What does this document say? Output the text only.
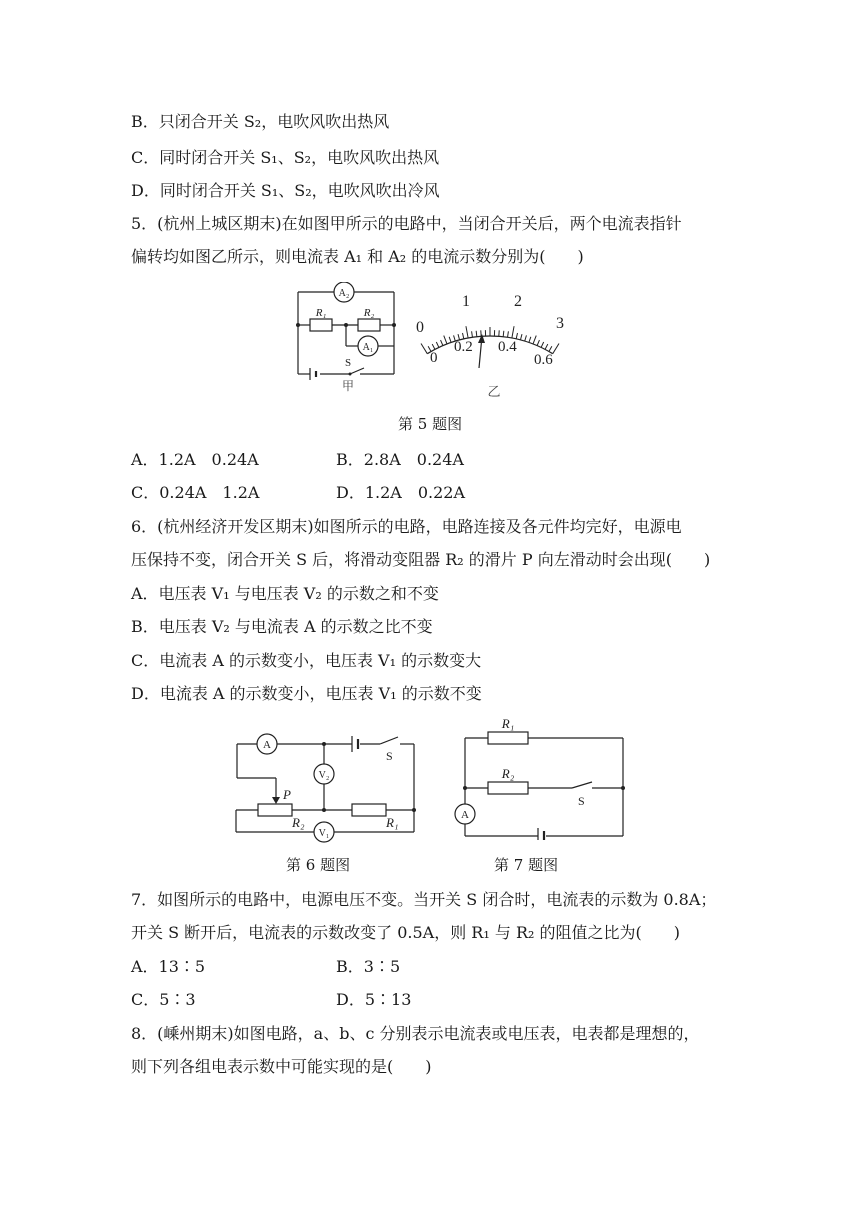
B．只闭合开关 S₂，电吹风吹出热风
C．同时闭合开关 S₁、S₂，电吹风吹出热风
D．同时闭合开关 S₁、S₂，电吹风吹出冷风
5．(杭州上城区期末)在如图甲所示的电路中，当闭合开关后，两个电流表指针
偏转均如图乙所示，则电流表 A₁ 和 A₂ 的电流示数分别为(　　)
A₂
A₁
R₁	R₂
S
甲
0
1	2
3
0
0.2 0.4
0.6
乙
第 5 题图
A．1.2A　0.24A	B．2.8A　0.24A
C．0.24A　1.2A	D．1.2A　0.22A
6．(杭州经济开发区期末)如图所示的电路，电路连接及各元件均完好，电源电
压保持不变，闭合开关 S 后，将滑动变阻器 R₂ 的滑片 P 向左滑动时会出现(　　)
A．电压表 V₁ 与电压表 V₂ 的示数之和不变
B．电压表 V₂ 与电流表 A 的示数之比不变
C．电流表 A 的示数变小，电压表 V₁ 的示数变大
D．电流表 A 的示数变小，电压表 V₁ 的示数不变
A
V₂
V₁
S
P
R₂	R₁
R₁
R₂
S
A
第 6 题图	第 7 题图
7．如图所示的电路中，电源电压不变。当开关 S 闭合时，电流表的示数为 0.8A；
开关 S 断开后，电流表的示数改变了 0.5A，则 R₁ 与 R₂ 的阻值之比为(　　)
A．13∶5	B．3∶5
C．5∶3	D．5∶13
8．(嵊州期末)如图电路，a、b、c 分别表示电流表或电压表，电表都是理想的，
则下列各组电表示数中可能实现的是(　　)
